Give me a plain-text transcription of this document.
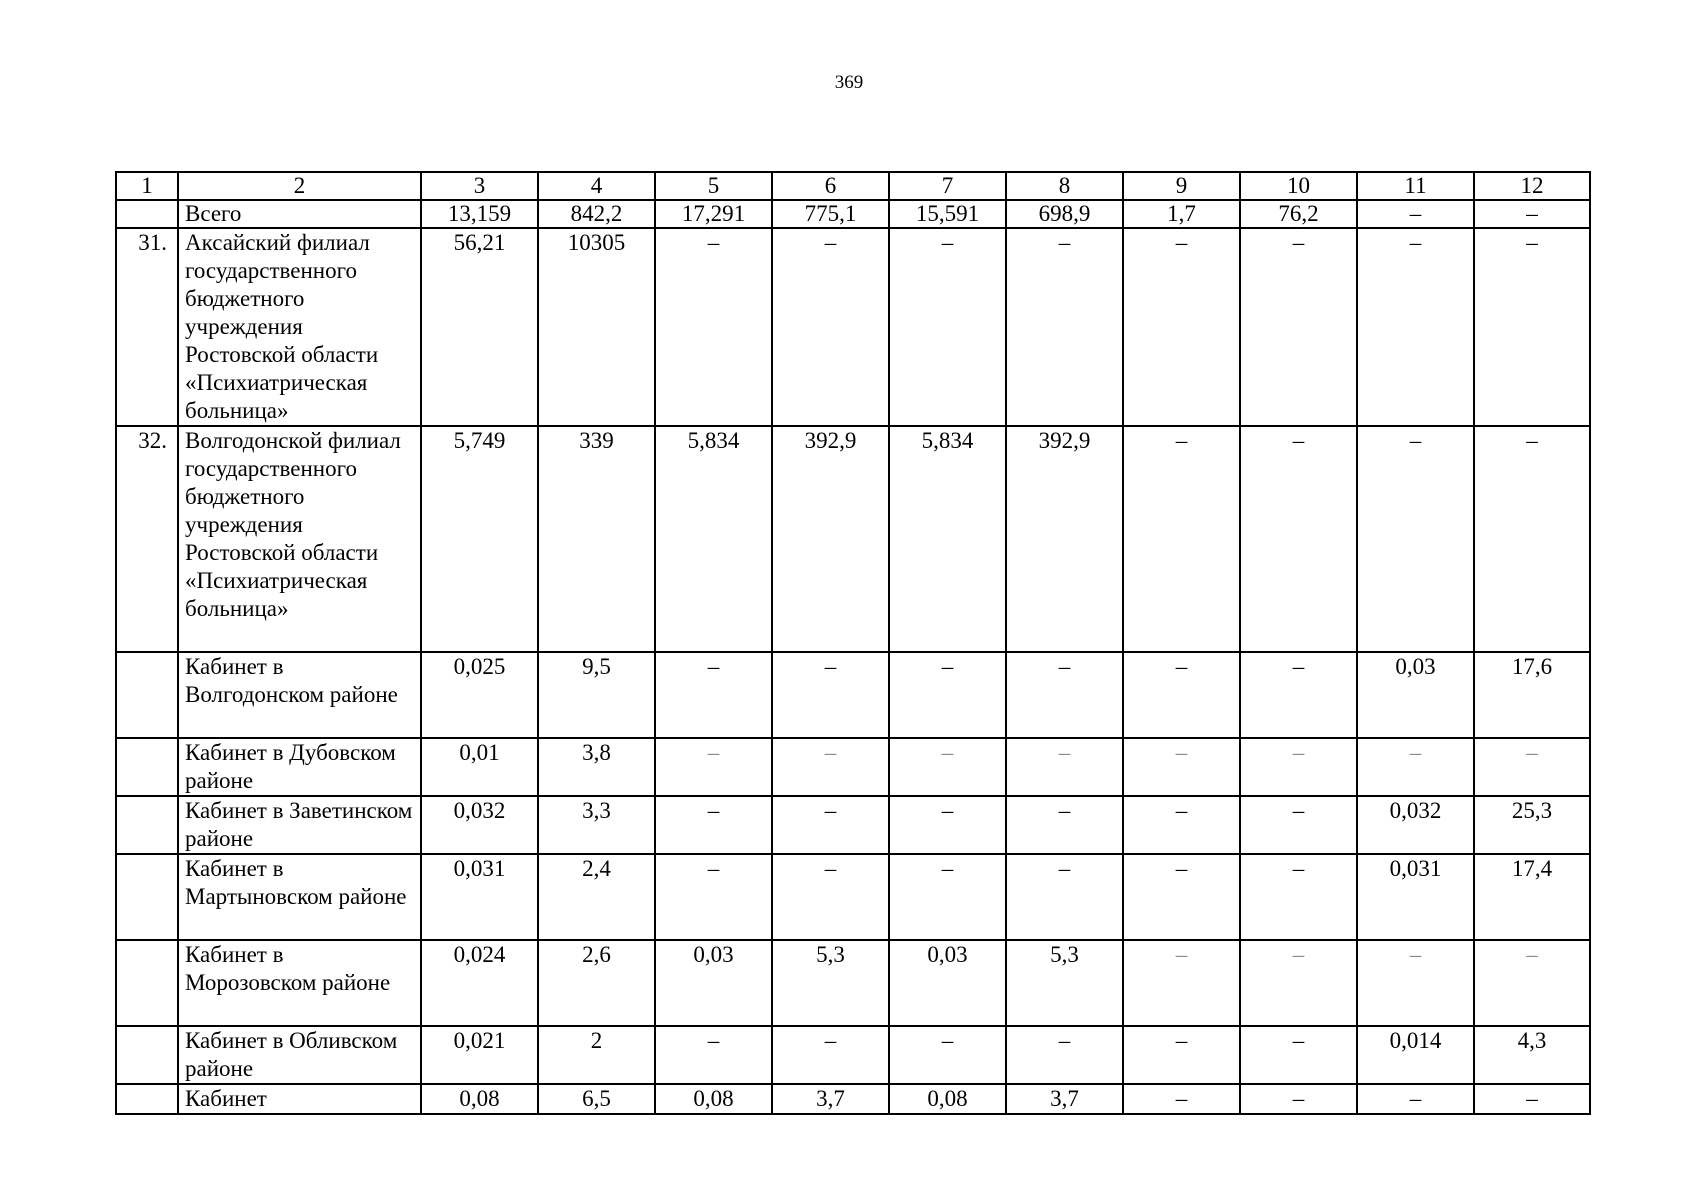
369
1	2	3	4	5	6	7	8	9	10	11	12
	Всего	13,159	842,2	17,291	775,1	15,591	698,9	1,7	76,2	–	–
31.	Аксайский филиал государственного бюджетного учреждения Ростовской области «Психиатрическая больница»	56,21	10305	–	–	–	–	–	–	–	–
32.	Волгодонской филиал государственного бюджетного учреждения Ростовской области «Психиатрическая больница»	5,749	339	5,834	392,9	5,834	392,9	–	–	–	–
	Кабинет в Волгодонском районе	0,025	9,5	–	–	–	–	–	–	0,03	17,6
	Кабинет в Дубовском районе	0,01	3,8	–	–	–	–	–	–	–	–
	Кабинет в Заветинском районе	0,032	3,3	–	–	–	–	–	–	0,032	25,3
	Кабинет в Мартыновском районе	0,031	2,4	–	–	–	–	–	–	0,031	17,4
	Кабинет в Морозовском районе	0,024	2,6	0,03	5,3	0,03	5,3	–	–	–	–
	Кабинет в Обливском районе	0,021	2	–	–	–	–	–	–	0,014	4,3
	Кабинет	0,08	6,5	0,08	3,7	0,08	3,7	–	–	–	–
